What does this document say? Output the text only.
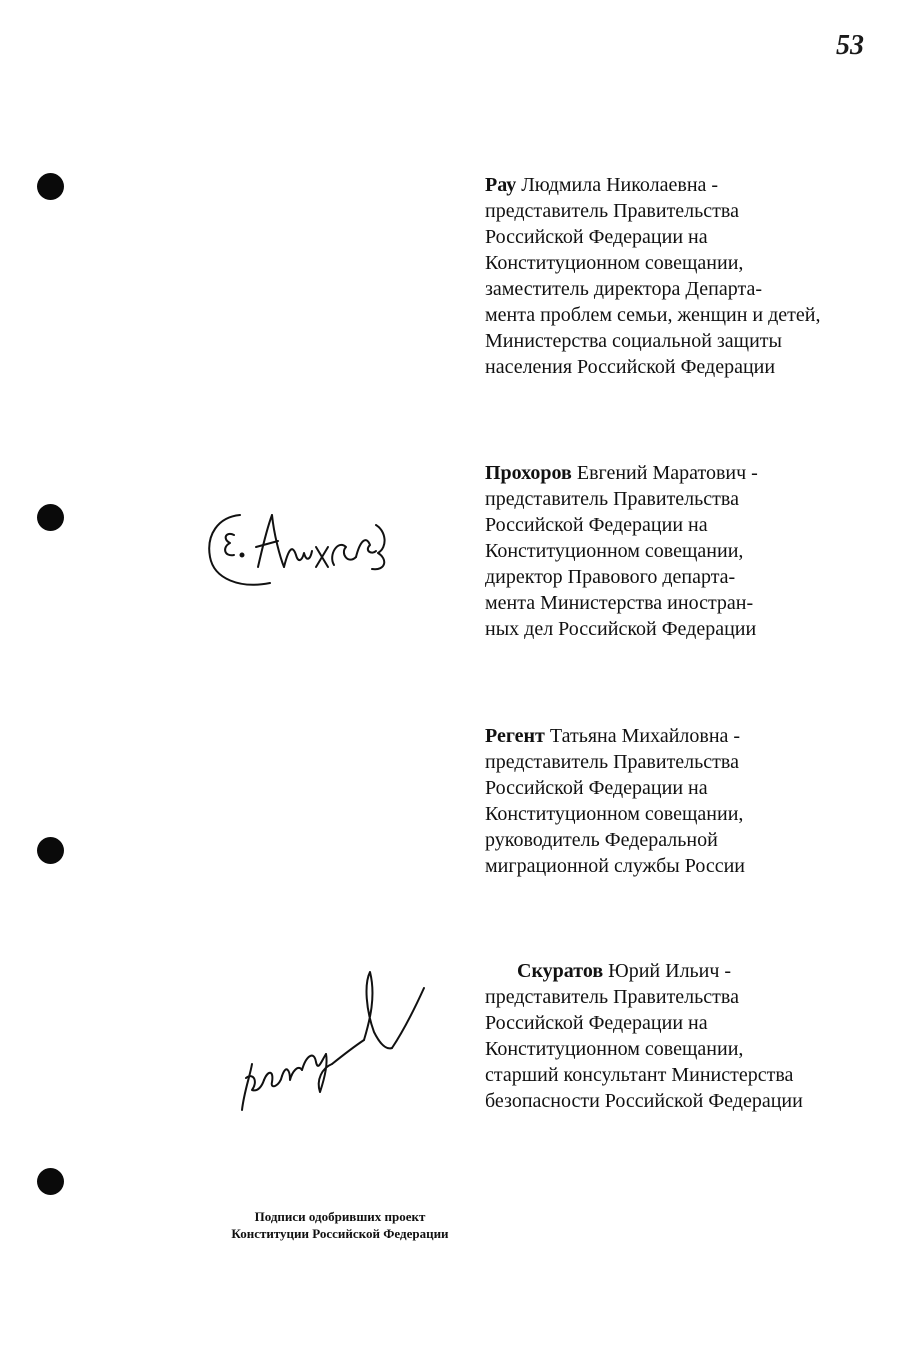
53

Рау Людмила Николаевна -

представитель Правительства

Российской Федерации на

Конституционном совещании,

заместитель директора Департа-

мента проблем семьи, женщин и детей,

Министерства социальной защиты

населения Российской Федерации

Прохоров Евгений Маратович -

представитель Правительства

Российской Федерации на

Конституционном совещании,

директор Правового департа-

мента Министерства иностран-

ных дел Российской Федерации

Регент Татьяна Михайловна -

представитель Правительства

Российской Федерации на

Конституционном совещании,

руководитель Федеральной

миграционной службы России

Скуратов Юрий Ильич -

представитель Правительства

Российской Федерации на

Конституционном совещании,

старший консультант Министерства

безопасности Российской Федерации

Подписи одобривших проект

Конституции Российской Федерации
